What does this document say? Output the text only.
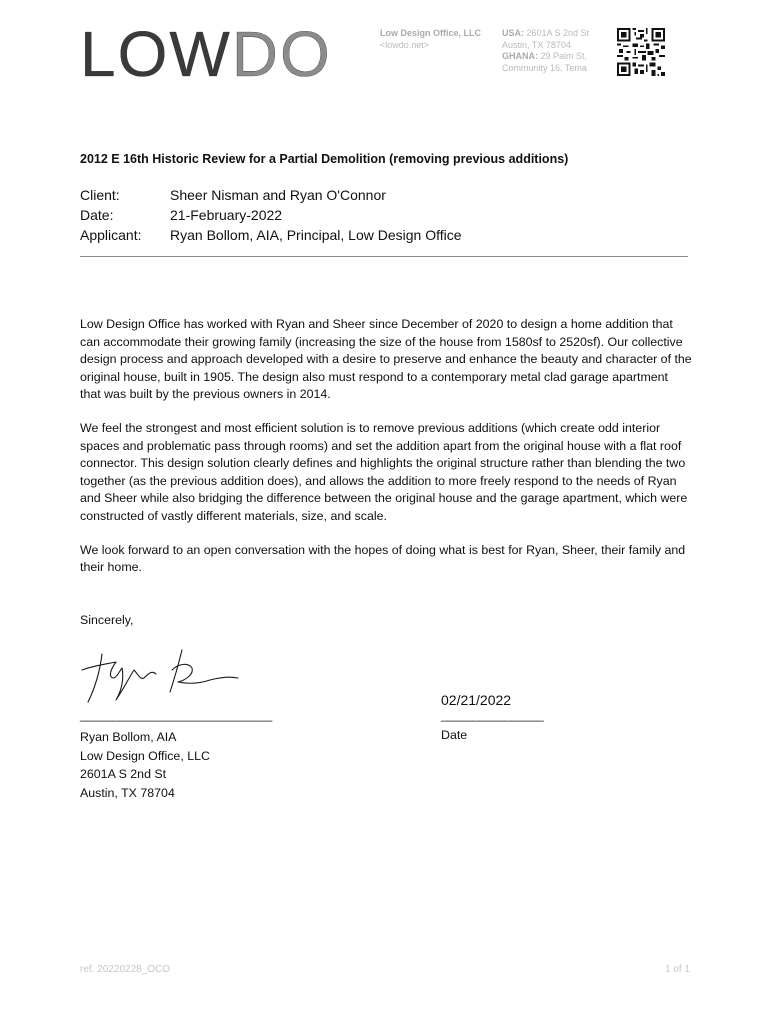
LOW DO	Low Design Office, LLC
<lowdo.net>
USA: 2601A S 2nd St
Austin, TX 78704
GHANA: 29 Palm St,
Community 16, Tema
2012 E 16th Historic Review for a Partial Demolition (removing previous additions)
Client:	Sheer Nisman and Ryan O'Connor
Date:	21-February-2022
Applicant:	Ryan Bollom, AIA, Principal, Low Design Office

Low Design Office has worked with Ryan and Sheer since December of 2020 to design a home addition that can accommodate their growing family (increasing the size of the house from 1580sf to 2520sf). Our collective design process and approach developed with a desire to preserve and enhance the beauty and character of the original house, built in 1905. The design also must respond to a contemporary metal clad garage apartment that was built by the previous owners in 2014.

We feel the strongest and most efficient solution is to remove previous additions (which create odd interior spaces and problematic pass through rooms) and set the addition apart from the original house with a flat roof connector. This design solution clearly defines and highlights the original structure rather than blending the two together (as the previous addition does), and allows the addition to more freely respond to the needs of Ryan and Sheer while also bridging the difference between the original house and the garage apartment, which were constructed of vastly different materials, size, and scale.

We look forward to an open conversation with the hopes of doing what is best for Ryan, Sheer, their family and their home.

Sincerely,
02/21/2022
______________________________	________________
Ryan Bollom, AIA
Low Design Office, LLC
2601A S 2nd St
Austin, TX 78704
Date
ref. 20220228_OCO	1 of 1
